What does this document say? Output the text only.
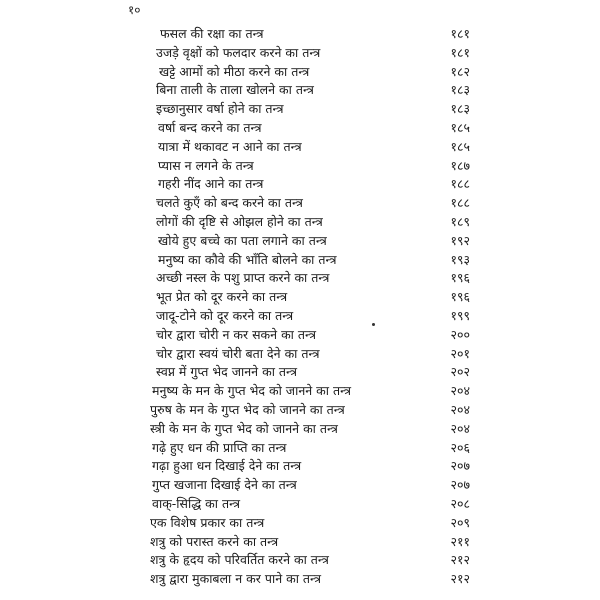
१०
फसल की रक्षा का तन्त्र	१८१
उजड़े वृक्षों को फलदार करने का तन्त्र	१८१
खट्टे आमों को मीठा करने का तन्त्र	१८२
बिना ताली के ताला खोलने का तन्त्र	१८३
इच्छानुसार वर्षा होने का तन्त्र	१८३
वर्षा बन्द करने का तन्त्र	१८५
यात्रा में थकावट न आने का तन्त्र	१८५
प्यास न लगने के तन्त्र	१८७
गहरी नींद आने का तन्त्र	१८८
चलते कुएँ को बन्द करने का तन्त्र	१८८
लोगों की दृष्टि से ओझल होने का तन्त्र	१८९
खोये हुए बच्चे का पता लगाने का तन्त्र	१९२
मनुष्य का कौवे की भाँति बोलने का तन्त्र	१९३
अच्छी नस्ल के पशु प्राप्त करने का तन्त्र	१९६
भूत प्रेत को दूर करने का तन्त्र	१९६
जादू-टोने को दूर करने का तन्त्र	१९९
चोर द्वारा चोरी न कर सकने का तन्त्र	२००
चोर द्वारा स्वयं चोरी बता देने का तन्त्र	२०१
स्वप्न में गुप्त भेद जानने का तन्त्र	२०२
मनुष्य के मन के गुप्त भेद को जानने का तन्त्र	२०४
पुरुष के मन के गुप्त भेद को जानने का तन्त्र	२०४
स्त्री के मन के गुप्त भेद को जानने का तन्त्र	२०४
गढ़े हुए धन की प्राप्ति का तन्त्र	२०६
गढ़ा हुआ धन दिखाई देने का तन्त्र	२०७
गुप्त खजाना दिखाई देने का तन्त्र	२०७
वाक्-सिद्धि का तन्त्र	२०८
एक विशेष प्रकार का तन्त्र	२०९
शत्रु को परास्त करने का तन्त्र	२११
शत्रु के हृदय को परिवर्तित करने का तन्त्र	२१२
शत्रु द्वारा मुकाबला न कर पाने का तन्त्र	२१२
